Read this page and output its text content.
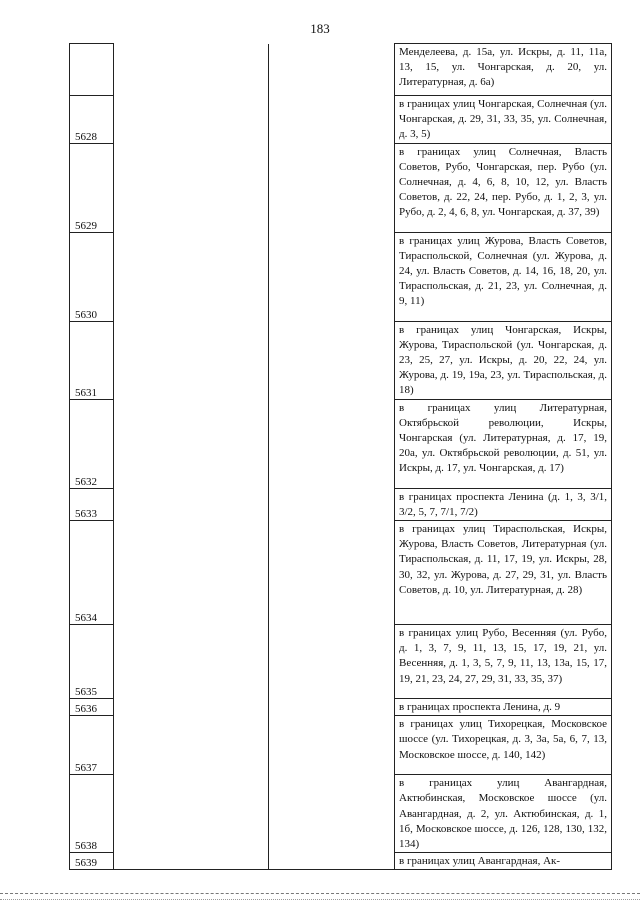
183
			Менделеева, д. 15а, ул. Искры, д. 11, 11а, 13, 15, ул. Чонгарская, д. 20, ул. Литературная, д. 6а)
5628			в границах улиц Чонгарская, Солнечная (ул. Чонгарская, д. 29, 31, 33, 35, ул. Солнечная, д. 3, 5)
5629			в границах улиц Солнечная, Власть Советов, Рубо, Чонгарская, пер. Рубо (ул. Солнечная, д. 4, 6, 8, 10, 12, ул. Власть Советов, д. 22, 24, пер. Рубо, д. 1, 2, 3, ул. Рубо, д. 2, 4, 6, 8, ул. Чонгарская, д. 37, 39)
5630			в границах улиц Журова, Власть Советов, Тираспольской, Солнечная (ул. Журова, д. 24, ул. Власть Советов, д. 14, 16, 18, 20, ул. Тираспольская, д. 21, 23, ул. Солнечная, д. 9, 11)
5631			в границах улиц Чонгарская, Искры, Журова, Тираспольской (ул. Чонгарская, д. 23, 25, 27, ул. Искры, д. 20, 22, 24, ул. Журова, д. 19, 19а, 23, ул. Тираспольская, д. 18)
5632			в границах улиц Литературная, Октябрьской революции, Искры, Чонгарская (ул. Литературная, д. 17, 19, 20а, ул. Октябрьской революции, д. 51, ул. Искры, д. 17, ул. Чонгарская, д. 17)
5633			в границах проспекта Ленина (д. 1, 3, 3/1, 3/2, 5, 7, 7/1, 7/2)
5634			в границах улиц Тираспольская, Искры, Журова, Власть Советов, Литературная (ул. Тираспольская, д. 11, 17, 19, ул. Искры, 28, 30, 32, ул. Журова, д. 27, 29, 31, ул. Власть Советов, д. 10, ул. Литературная, д. 28)
5635			в границах улиц Рубо, Весенняя (ул. Рубо, д. 1, 3, 7, 9, 11, 13, 15, 17, 19, 21, ул. Весенняя, д. 1, 3, 5, 7, 9, 11, 13, 13а, 15, 17, 19, 21, 23, 24, 27, 29, 31, 33, 35, 37)
5636			в границах проспекта Ленина, д. 9
5637			в границах улиц Тихорецкая, Московское шоссе (ул. Тихорецкая, д. 3, 3а, 5а, 6, 7, 13, Московское шоссе, д. 140, 142)
5638			в границах улиц Авангардная, Актюбинская, Московское шоссе (ул. Авангардная, д. 2, ул. Актюбинская, д. 1, 1б, Московское шоссе, д. 126, 128, 130, 132, 134)
5639			в границах улиц Авангардная, Ак-
